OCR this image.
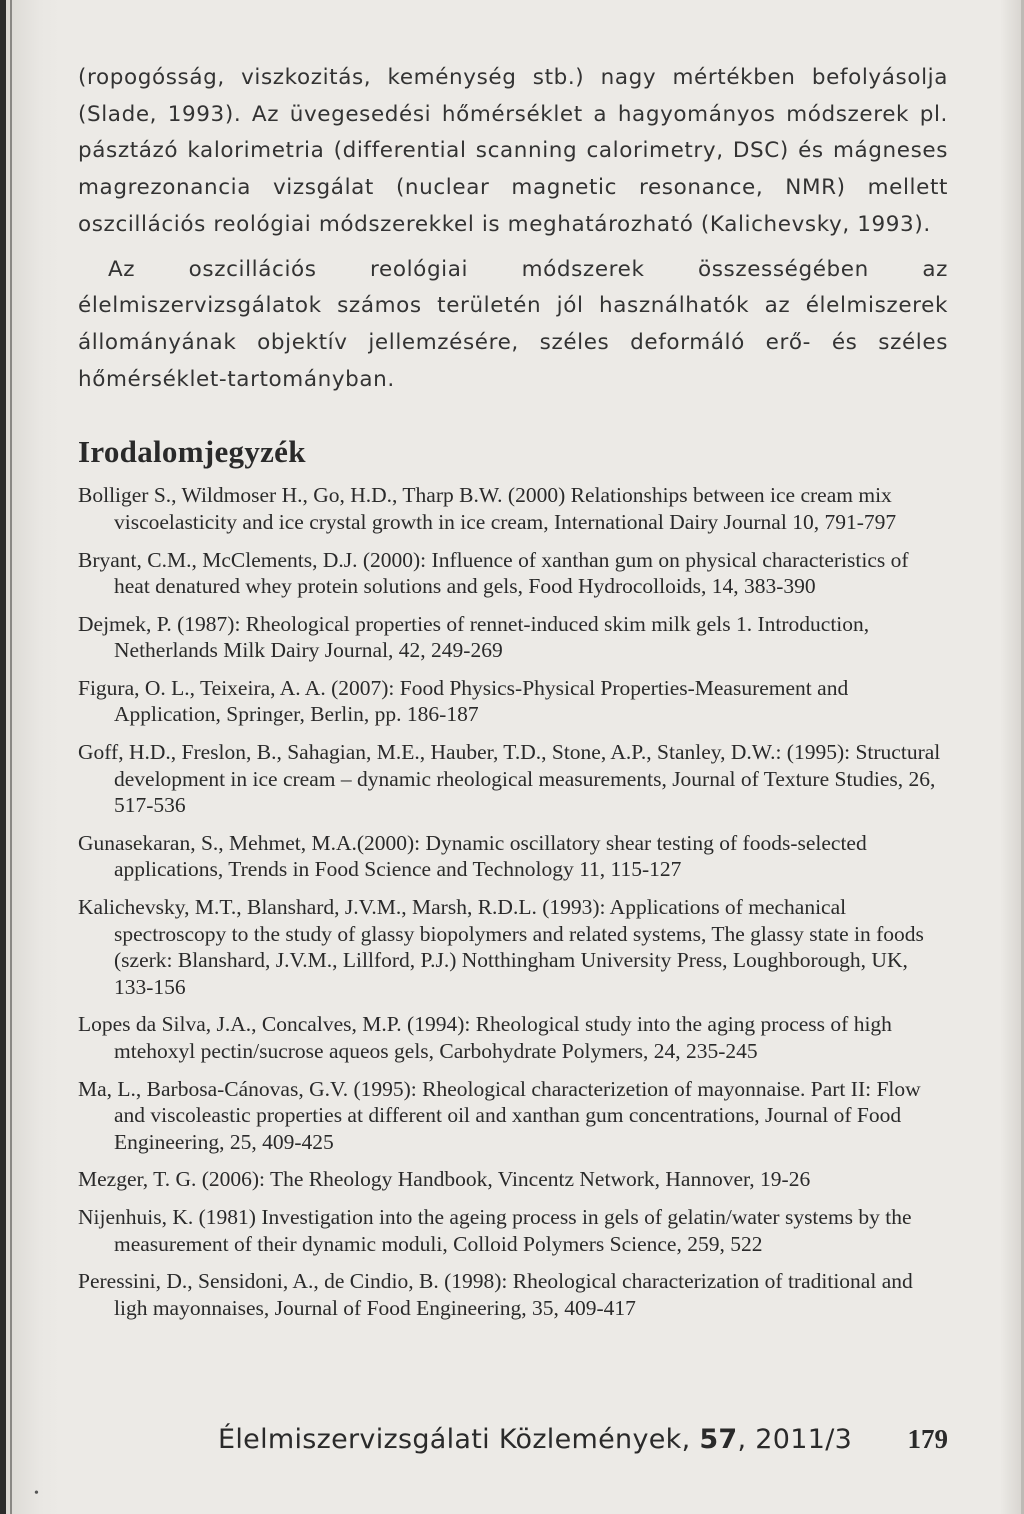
(ropogósság, viszkozitás, keménység stb.) nagy mértékben befolyásolja (Slade, 1993). Az üvegesedési hőmérséklet a hagyományos módszerek pl. pásztázó kalorimetria (differential scanning calorimetry, DSC) és mágneses magrezonancia vizsgálat (nuclear magnetic resonance, NMR) mellett oszcillációs reológiai módszerekkel is meghatározható (Kalichevsky, 1993).

Az oszcillációs reológiai módszerek összességében az élelmiszervizsgálatok számos területén jól használhatók az élelmiszerek állományának objektív jellemzésére, széles deformáló erő- és széles hőmérséklet-tartományban.

Irodalomjegyzék
Bolliger S., Wildmoser H., Go, H.D., Tharp B.W. (2000) Relationships between ice cream mix viscoelasticity and ice crystal growth in ice cream, International Dairy Journal 10, 791-797
Bryant, C.M., McClements, D.J. (2000): Influence of xanthan gum on physical characteristics of heat denatured whey protein solutions and gels, Food Hydrocolloids, 14, 383-390
Dejmek, P. (1987): Rheological properties of rennet-induced skim milk gels 1. Introduction, Netherlands Milk Dairy Journal, 42, 249-269
Figura, O. L., Teixeira, A. A. (2007): Food Physics-Physical Properties-Measurement and Application, Springer, Berlin, pp. 186-187
Goff, H.D., Freslon, B., Sahagian, M.E., Hauber, T.D., Stone, A.P., Stanley, D.W.: (1995): Structural development in ice cream – dynamic rheological measurements, Journal of Texture Studies, 26, 517-536
Gunasekaran, S., Mehmet, M.A.(2000): Dynamic oscillatory shear testing of foods-selected applications, Trends in Food Science and Technology 11, 115-127
Kalichevsky, M.T., Blanshard, J.V.M., Marsh, R.D.L. (1993): Applications of mechanical spectroscopy to the study of glassy biopolymers and related systems, The glassy state in foods (szerk: Blanshard, J.V.M., Lillford, P.J.) Notthingham University Press, Loughborough, UK, 133-156
Lopes da Silva, J.A., Concalves, M.P. (1994): Rheological study into the aging process of high mtehoxyl pectin/sucrose aqueos gels, Carbohydrate Polymers, 24, 235-245
Ma, L., Barbosa-Cánovas, G.V. (1995): Rheological characterizetion of mayonnaise. Part II: Flow and viscoleastic properties at different oil and xanthan gum concentrations, Journal of Food Engineering, 25, 409-425
Mezger, T. G. (2006): The Rheology Handbook, Vincentz Network, Hannover, 19-26
Nijenhuis, K. (1981) Investigation into the ageing process in gels of gelatin/water systems by the measurement of their dynamic moduli, Colloid Polymers Science, 259, 522
Peressini, D., Sensidoni, A., de Cindio, B. (1998): Rheological characterization of traditional and ligh mayonnaises, Journal of Food Engineering, 35, 409-417
Élelmiszervizsgálati Közlemények, 57, 2011/3 179
•
